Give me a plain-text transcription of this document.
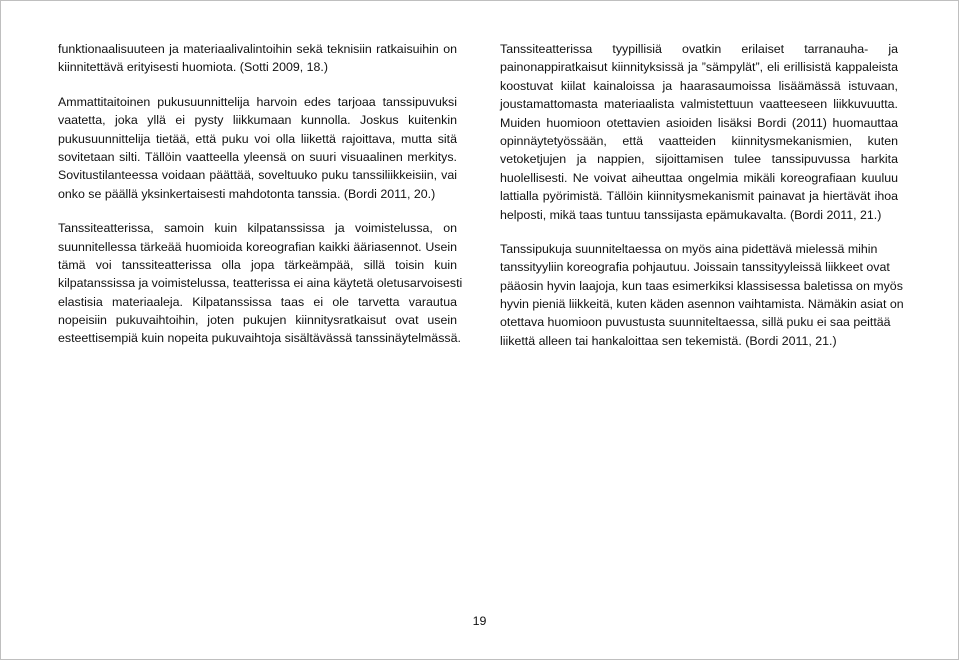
funktionaalisuuteen ja materiaalivalintoihin sekä teknisiin ratkaisuihin on
kiinnitettävä erityisesti huomiota. (Sotti 2009, 18.)
Ammattitaitoinen pukusuunnittelija harvoin edes tarjoaa tanssipuvuksi
vaatetta, joka yllä ei pysty liikkumaan kunnolla. Joskus kuitenkin
pukusuunnittelija tietää, että puku voi olla liikettä rajoittava, mutta sitä
sovitetaan silti. Tällöin vaatteella yleensä on suuri visuaalinen merkitys.
Sovitustilanteessa voidaan päättää, soveltuuko puku tanssiliikkeisiin, vai
onko se päällä yksinkertaisesti mahdotonta tanssia. (Bordi 2011, 20.)
Tanssiteatterissa, samoin kuin kilpatanssissa ja voimistelussa, on
suunnitellessa tärkeää huomioida koreografian kaikki ääriasennot. Usein
tämä voi tanssiteatterissa olla jopa tärkeämpää, sillä toisin kuin
kilpatanssissa ja voimistelussa, teatterissa ei aina käytetä oletusarvoisesti
elastisia materiaaleja. Kilpatanssissa taas ei ole tarvetta varautua
nopeisiin pukuvaihtoihin, joten pukujen kiinnitysratkaisut ovat usein
esteettisempiä kuin nopeita pukuvaihtoja sisältävässä tanssinäytelmässä.
Tanssiteatterissa tyypillisiä ovatkin erilaiset tarranauha- ja
painonappiratkaisut kiinnityksissä ja ”sämpylät”, eli erillisistä kappaleista
koostuvat kiilat kainaloissa ja haarasaumoissa lisäämässä istuvaan,
joustamattomasta materiaalista valmistettuun vaatteeseen liikkuvuutta.
Muiden huomioon otettavien asioiden lisäksi Bordi (2011) huomauttaa
opinnäytetyössään, että vaatteiden kiinnitysmekanismien, kuten
vetoketjujen ja nappien, sijoittamisen tulee tanssipuvussa harkita
huolellisesti. Ne voivat aiheuttaa ongelmia mikäli koreografiaan kuuluu
lattialla pyörimistä. Tällöin kiinnitysmekanismit painavat ja hiertävät ihoa
helposti, mikä taas tuntuu tanssijasta epämukavalta. (Bordi 2011, 21.)
Tanssipukuja suunniteltaessa on myös aina pidettävä mielessä mihin
tanssityyliin koreografia pohjautuu. Joissain tanssityyleissä liikkeet ovat
pääosin hyvin laajoja, kun taas esimerkiksi klassisessa baletissa on myös
hyvin pieniä liikkeitä, kuten käden asennon vaihtamista. Nämäkin asiat on
otettava huomioon puvustusta suunniteltaessa, sillä puku ei saa peittää
liikettä alleen tai hankaloittaa sen tekemistä. (Bordi 2011, 21.)
19
